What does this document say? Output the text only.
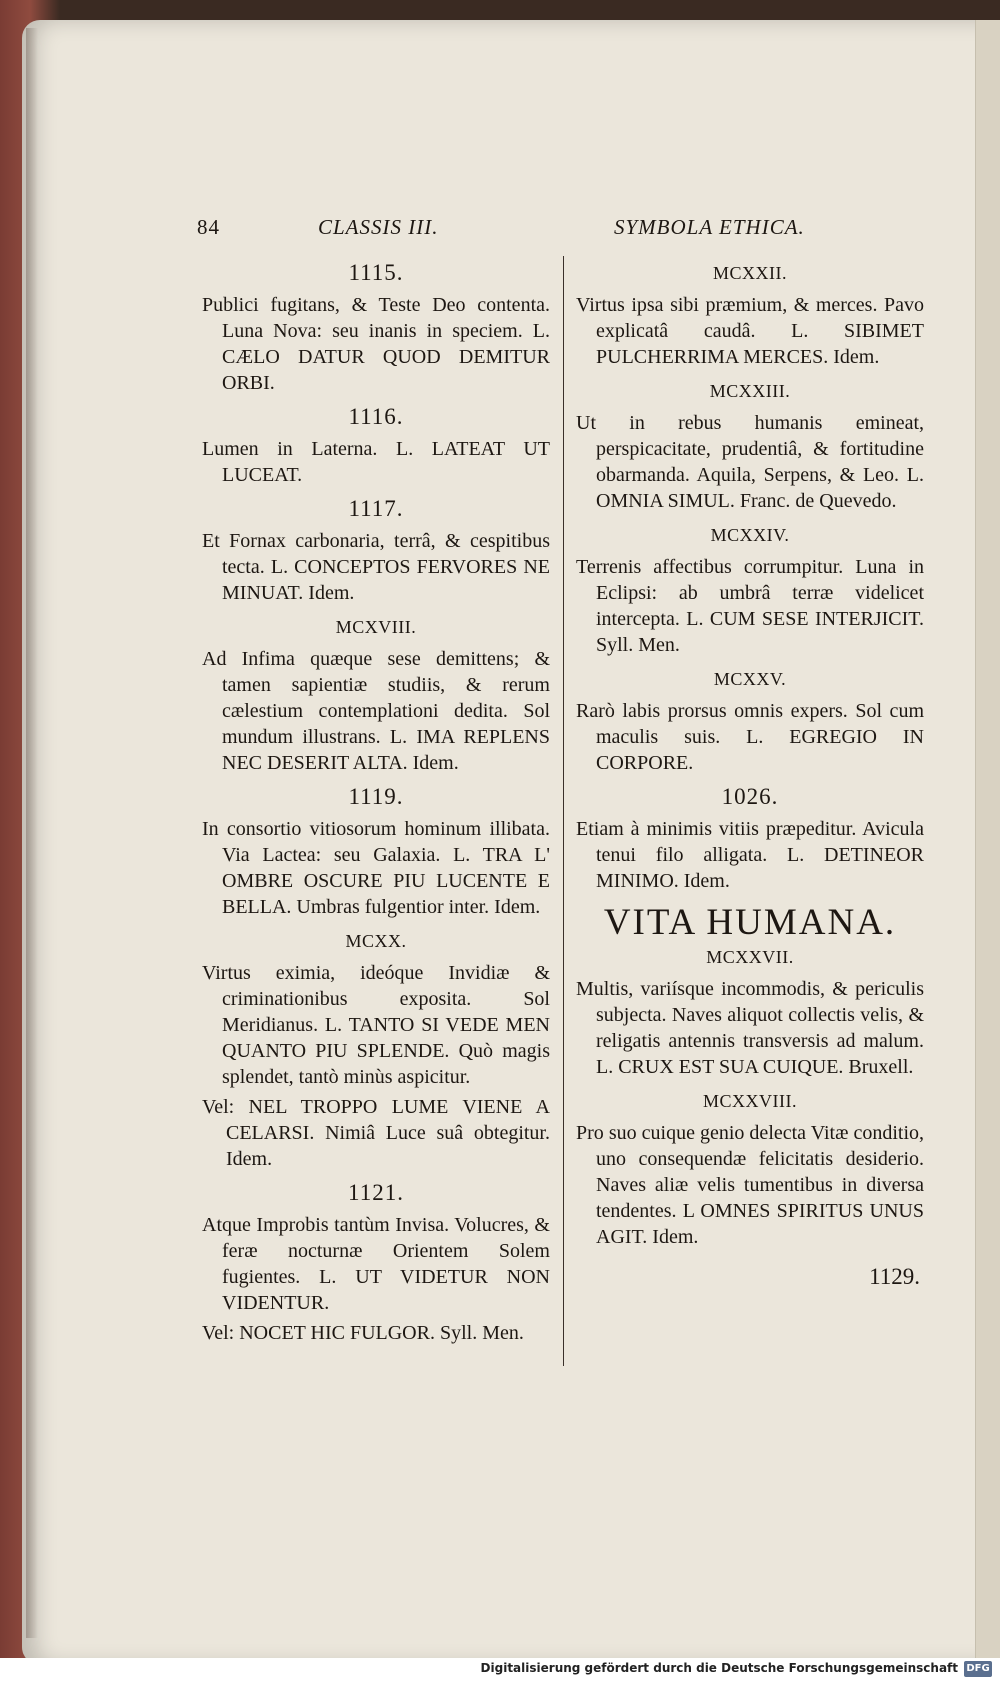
84	CLASSIS III.	SYMBOLA ETHICA.
1115.
Publici fugitans, & Teste Deo contenta. Luna Nova: seu inanis in speciem. L. CÆLO DATUR QUOD DEMITUR ORBI.
1116.
Lumen in Laterna. L. LATEAT UT LUCEAT.
1117.
Et Fornax carbonaria, terrâ, & cespitibus tecta. L. CONCEPTOS FERVORES NE MINUAT. Idem.
MCXVIII.
Ad Infima quæque sese demittens; & tamen sapientiæ studiis, & rerum cælestium contemplationi dedita. Sol mundum illustrans. L. IMA REPLENS NEC DESERIT ALTA. Idem.
1119.
In consortio vitiosorum hominum illibata. Via Lactea: seu Galaxia. L. TRA L' OMBRE OSCURE PIU LUCENTE E BELLA. Umbras fulgentior inter. Idem.
MCXX.
Virtus eximia, ideóque Invidiæ & criminationibus exposita. Sol Meridianus. L. TANTO SI VEDE MEN QUANTO PIU SPLENDE. Quò magis splendet, tantò minùs aspicitur.
Vel: NEL TROPPO LUME VIENE A CELARSI. Nimiâ Luce suâ obtegitur. Idem.
1121.
Atque Improbis tantùm Invisa. Volucres, & feræ nocturnæ Orientem Solem fugientes. L. UT VIDETUR NON VIDENTUR.
Vel: NOCET HIC FULGOR. Syll. Men.
MCXXII.
Virtus ipsa sibi præmium, & merces. Pavo explicatâ caudâ. L. SIBIMET PULCHERRIMA MERCES. Idem.
MCXXIII.
Ut in rebus humanis emineat, perspicacitate, prudentiâ, & fortitudine obarmanda. Aquila, Serpens, & Leo. L. OMNIA SIMUL. Franc. de Quevedo.
MCXXIV.
Terrenis affectibus corrumpitur. Luna in Eclipsi: ab umbrâ terræ videlicet intercepta. L. CUM SESE INTERJICIT. Syll. Men.
MCXXV.
Rarò labis prorsus omnis expers. Sol cum maculis suis. L. EGREGIO IN CORPORE.
1026.
Etiam à minimis vitiis præpeditur. Avicula tenui filo alligata. L. DETINEOR MINIMO. Idem.
VITA HUMANA.
MCXXVII.
Multis, variísque incommodis, & periculis subjecta. Naves aliquot collectis velis, & religatis antennis transversis ad malum. L. CRUX EST SUA CUIQUE. Bruxell.
MCXXVIII.
Pro suo cuique genio delecta Vitæ conditio, uno consequendæ felicitatis desiderio. Naves aliæ velis tumentibus in diversa tendentes. L OMNES SPIRITUS UNUS AGIT. Idem.
1129.
Digitalisierung gefördert durch die Deutsche Forschungsgemeinschaft DFG
